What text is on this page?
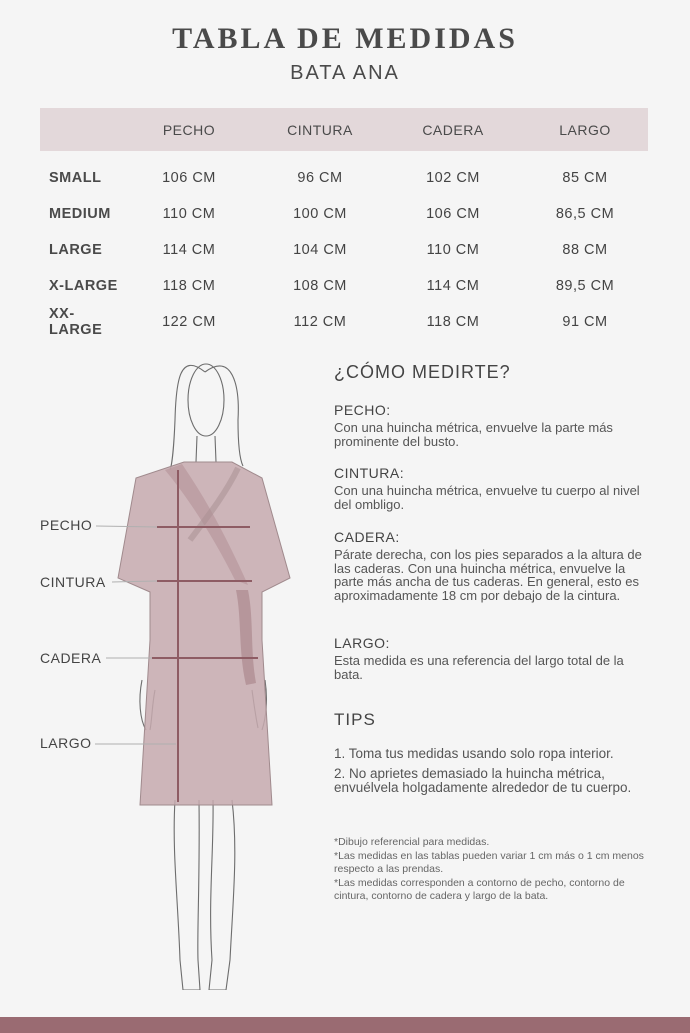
TABLA DE MEDIDAS
BATA ANA
	PECHO	CINTURA	CADERA	LARGO
SMALL	106 CM	96 CM	102 CM	85 CM
MEDIUM	110 CM	100 CM	106 CM	86,5 CM
LARGE	114 CM	104 CM	110 CM	88 CM
X-LARGE	118 CM	108 CM	114 CM	89,5 CM
XX-LARGE	122 CM	112 CM	118 CM	91 CM
PECHO
CINTURA
CADERA
LARGO
¿CÓMO MEDIRTE?
PECHO:
Con una huincha métrica, envuelve la parte más prominente del busto.
CINTURA:
Con una huincha métrica, envuelve tu cuerpo al nivel del ombligo.
CADERA:
Párate derecha, con los pies separados a la altura de las caderas. Con una huincha métrica, envuelve la parte más ancha de tus caderas. En general, esto es aproximadamente 18 cm por debajo de la cintura.
LARGO:
Esta medida es una referencia del largo total de la bata.
TIPS
1. Toma tus medidas usando solo ropa interior.
2. No aprietes demasiado la huincha métrica, envuélvela holgadamente alrededor de tu cuerpo.
*Dibujo referencial para medidas.
*Las medidas en las tablas pueden variar 1 cm más o 1 cm menos respecto a las prendas.
*Las medidas corresponden a contorno de pecho, contorno de cintura, contorno de cadera y largo de la bata.
